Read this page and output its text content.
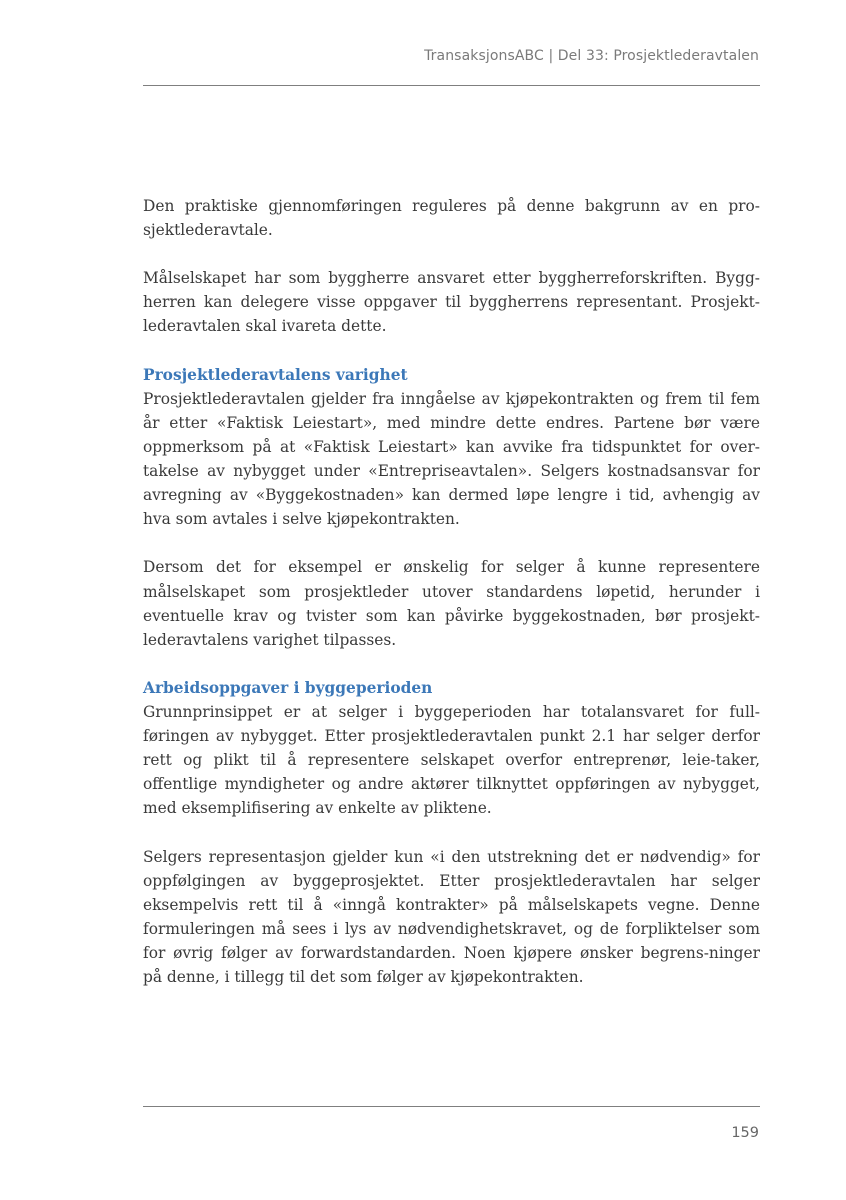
TransaksjonsABC | Del 33: Prosjektlederavtalen

Den praktiske gjennomføringen reguleres på denne bakgrunn av en pro-sjektlederavtale.

Målselskapet har som byggherre ansvaret etter byggherreforskriften. Bygg-herren kan delegere visse oppgaver til byggherrens representant. Prosjekt-lederavtalen skal ivareta dette.

Prosjektlederavtalens varighet

Prosjektlederavtalen gjelder fra inngåelse av kjøpekontrakten og frem til fem år etter «Faktisk Leiestart», med mindre dette endres. Partene bør være oppmerksom på at «Faktisk Leiestart» kan avvike fra tidspunktet for over-takelse av nybygget under «Entrepriseavtalen». Selgers kostnadsansvar for avregning av «Byggekostnaden» kan dermed løpe lengre i tid, avhengig av hva som avtales i selve kjøpekontrakten.

Dersom det for eksempel er ønskelig for selger å kunne representere målselskapet som prosjektleder utover standardens løpetid, herunder i eventuelle krav og tvister som kan påvirke byggekostnaden, bør prosjekt-lederavtalens varighet tilpasses.

Arbeidsoppgaver i byggeperioden

Grunnprinsippet er at selger i byggeperioden har totalansvaret for full-føringen av nybygget. Etter prosjektlederavtalen punkt 2.1 har selger derfor rett og plikt til å representere selskapet overfor entreprenør, leie-taker, offentlige myndigheter og andre aktører tilknyttet oppføringen av nybygget, med eksemplifisering av enkelte av pliktene.

Selgers representasjon gjelder kun «i den utstrekning det er nødvendig» for oppfølgingen av byggeprosjektet. Etter prosjektlederavtalen har selger eksempelvis rett til å «inngå kontrakter» på målselskapets vegne. Denne formuleringen må sees i lys av nødvendighetskravet, og de forpliktelser som for øvrig følger av forwardstandarden. Noen kjøpere ønsker begrens-ninger på denne, i tillegg til det som følger av kjøpekontrakten.

159
